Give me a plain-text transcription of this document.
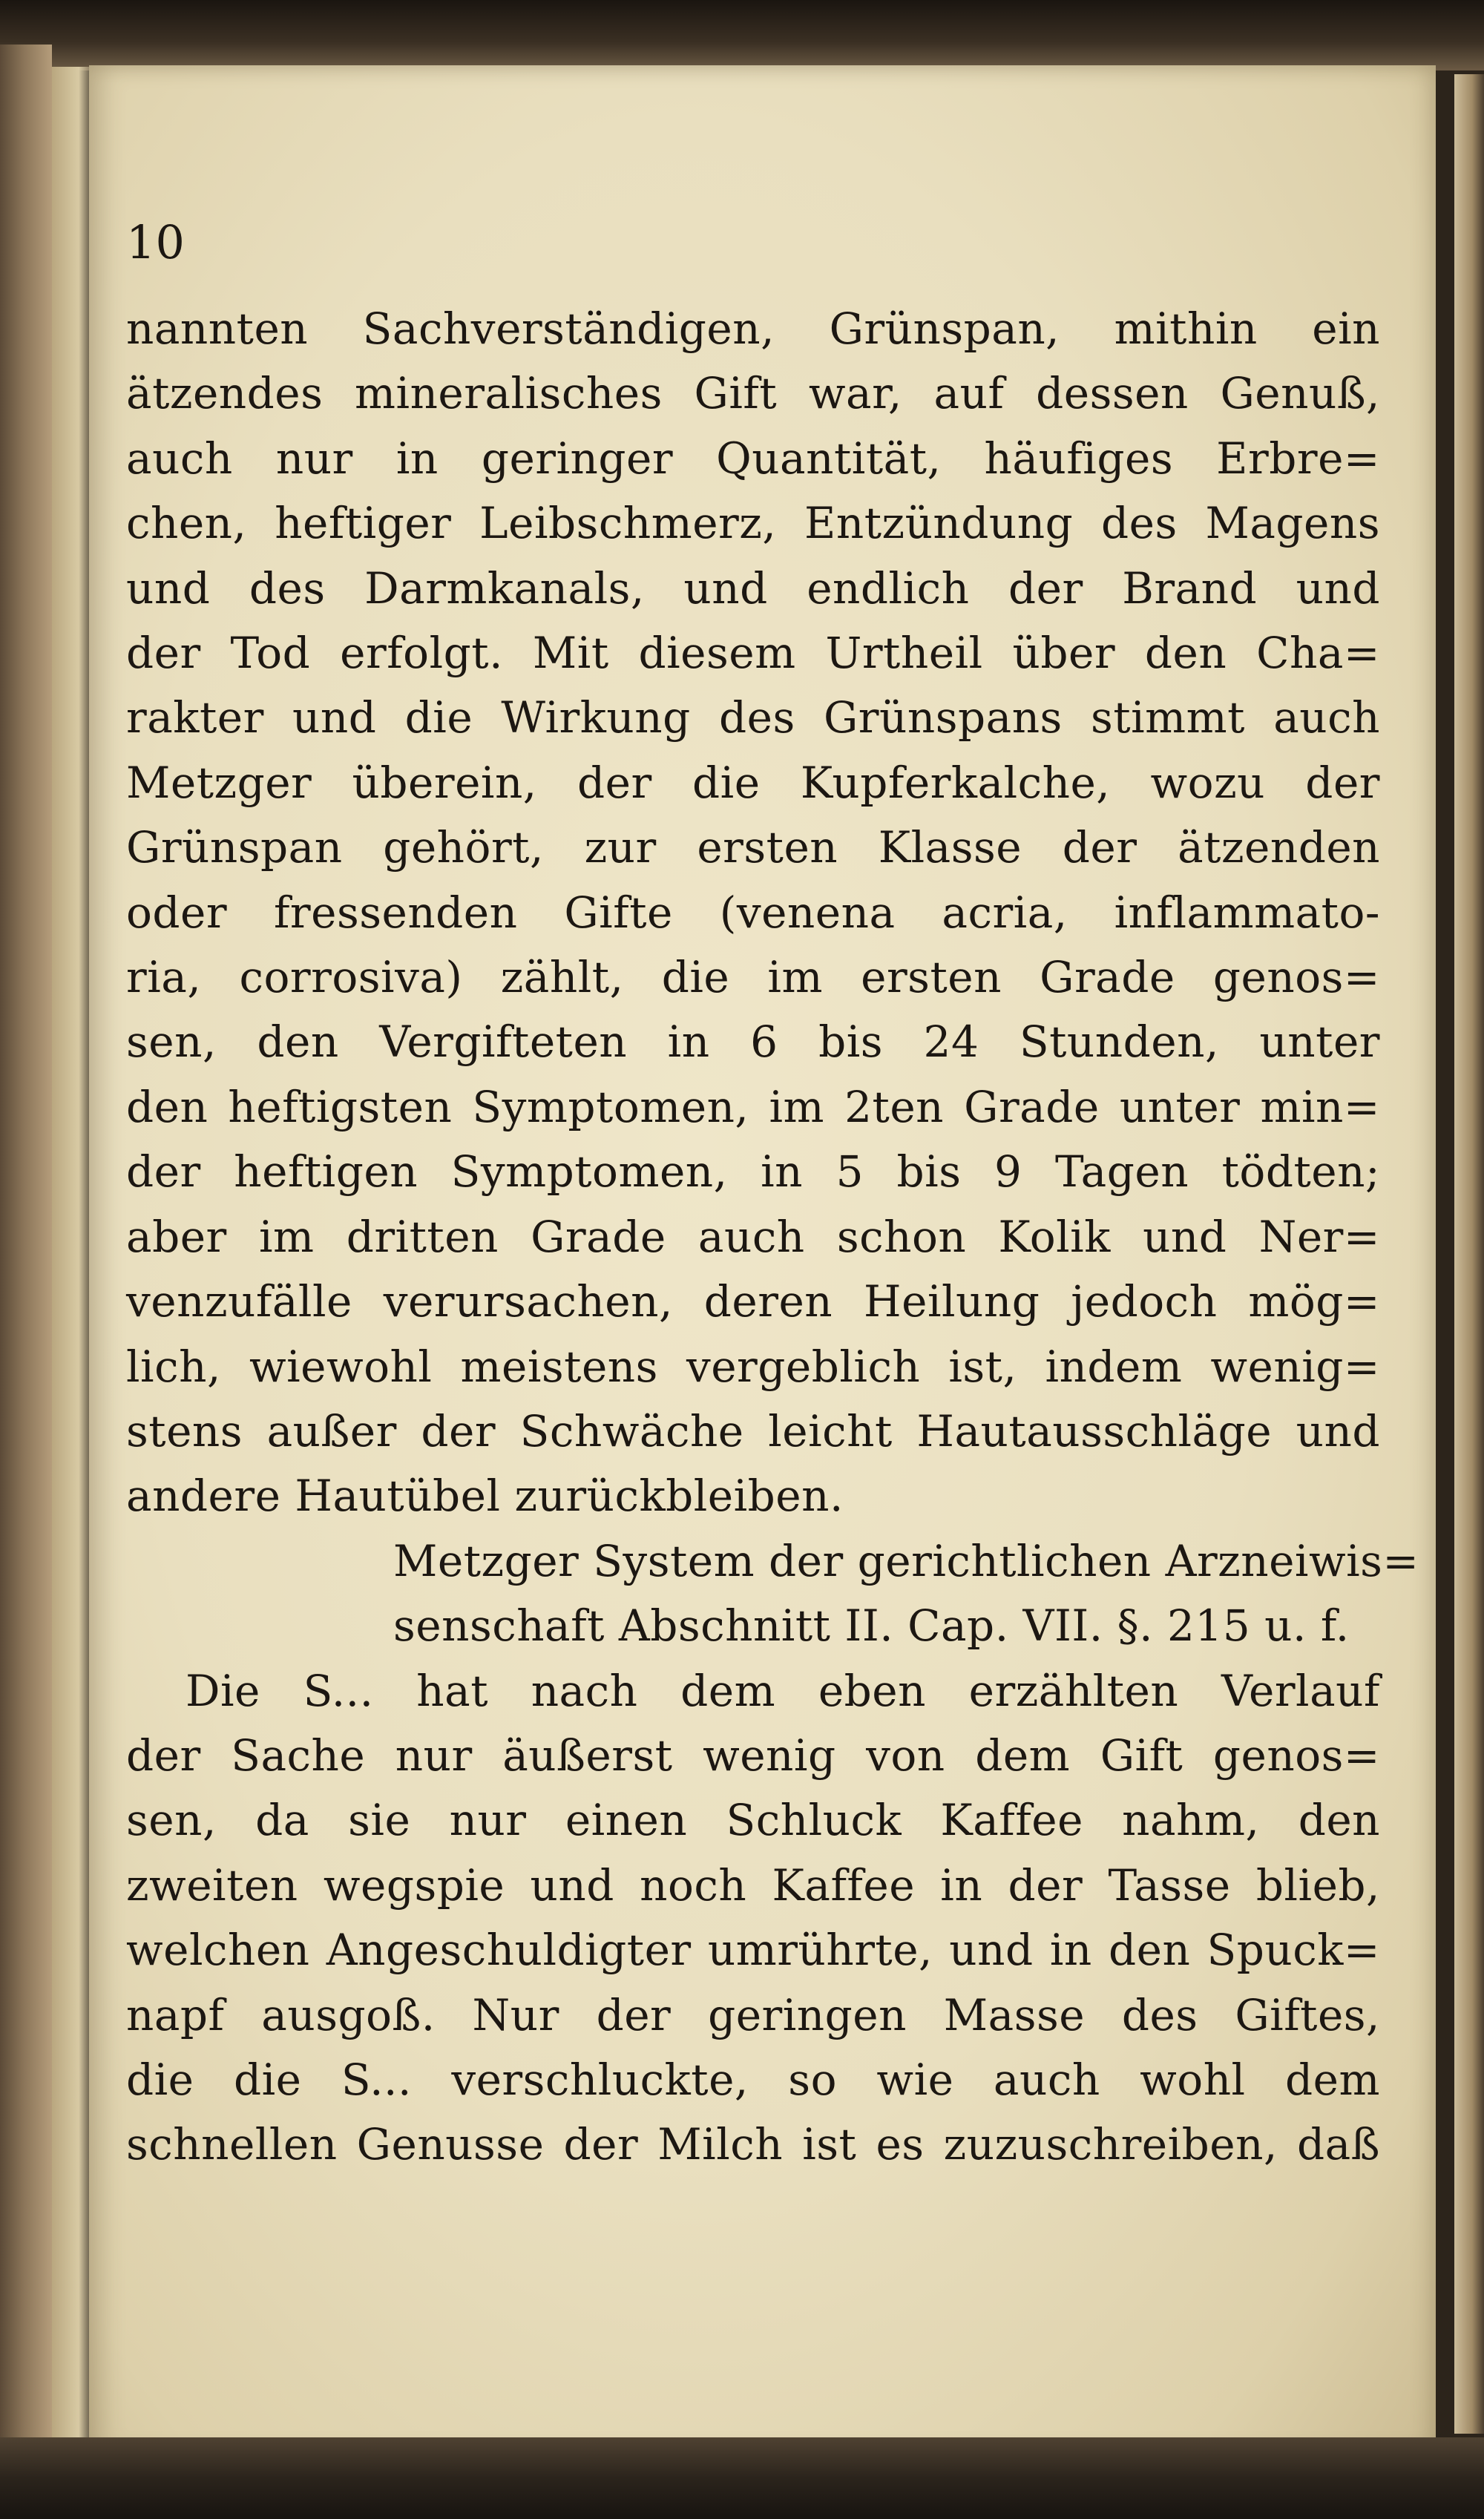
10
nannten Sachverständigen, Grünspan, mithin ein
ätzendes mineralisches Gift war, auf dessen Genuß,
auch nur in geringer Quantität, häufiges Erbre=
chen, heftiger Leibschmerz, Entzündung des Magens
und des Darmkanals, und endlich der Brand und
der Tod erfolgt. Mit diesem Urtheil über den Cha=
rakter und die Wirkung des Grünspans stimmt auch
Metzger überein, der die Kupferkalche, wozu der
Grünspan gehört, zur ersten Klasse der ätzenden
oder fressenden Gifte (venena acria, inflammato-
ria, corrosiva) zählt, die im ersten Grade genos=
sen, den Vergifteten in 6 bis 24 Stunden, unter
den heftigsten Symptomen, im 2ten Grade unter min=
der heftigen Symptomen, in 5 bis 9 Tagen tödten;
aber im dritten Grade auch schon Kolik und Ner=
venzufälle verursachen, deren Heilung jedoch mög=
lich, wiewohl meistens vergeblich ist, indem wenig=
stens außer der Schwäche leicht Hautausschläge und
andere Hautübel zurückbleiben.
Metzger System der gerichtlichen Arzneiwis=
senschaft Abschnitt II. Cap. VII. §. 215 u. f.
Die S... hat nach dem eben erzählten Verlauf
der Sache nur äußerst wenig von dem Gift genos=
sen, da sie nur einen Schluck Kaffee nahm, den
zweiten wegspie und noch Kaffee in der Tasse blieb,
welchen Angeschuldigter umrührte, und in den Spuck=
napf ausgoß. Nur der geringen Masse des Giftes,
die die S... verschluckte, so wie auch wohl dem
schnellen Genusse der Milch ist es zuzuschreiben, daß
